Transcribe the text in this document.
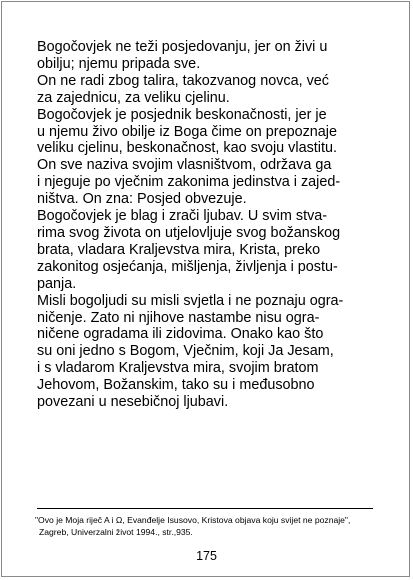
Bogočovjek ne teži posjedovanju, jer on živi u
obilju; njemu pripada sve.
On ne radi zbog talira, takozvanog novca, već
za zajednicu, za veliku cjelinu.
Bogočovjek je posjednik beskonačnosti, jer je
u njemu živo obilje iz Boga čime on prepoznaje
veliku cjelinu, beskonačnost, kao svoju vlastitu.
On sve naziva svojim vlasništvom, održava ga
i njeguje po vječnim zakonima jedinstva i zajed-
ništva. On zna: Posjed obvezuje.
Bogočovjek je blag i zrači ljubav. U svim stva-
rima svog života on utjelovljuje svog božanskog
brata, vladara Kraljevstva mira, Krista, preko
zakonitog osjećanja, mišljenja, življenja i postu-
panja.
Misli bogoljudi su misli svjetla i ne poznaju ogra-
ničenje. Zato ni njihove nastambe nisu ogra-
ničene ogradama ili zidovima. Onako kao što
su oni jedno s Bogom, Vječnim, koji Ja Jesam,
i s vladarom Kraljevstva mira, svojim bratom
Jehovom, Božanskim, tako su i međusobno
povezani u nesebičnoj ljubavi.
"Ovo je Moja riječ A i Ω, Evanđelje Isusovo, Kristova objava koju svijet ne poznaje",
Zagreb, Univerzalni život 1994., str.,935.
175
